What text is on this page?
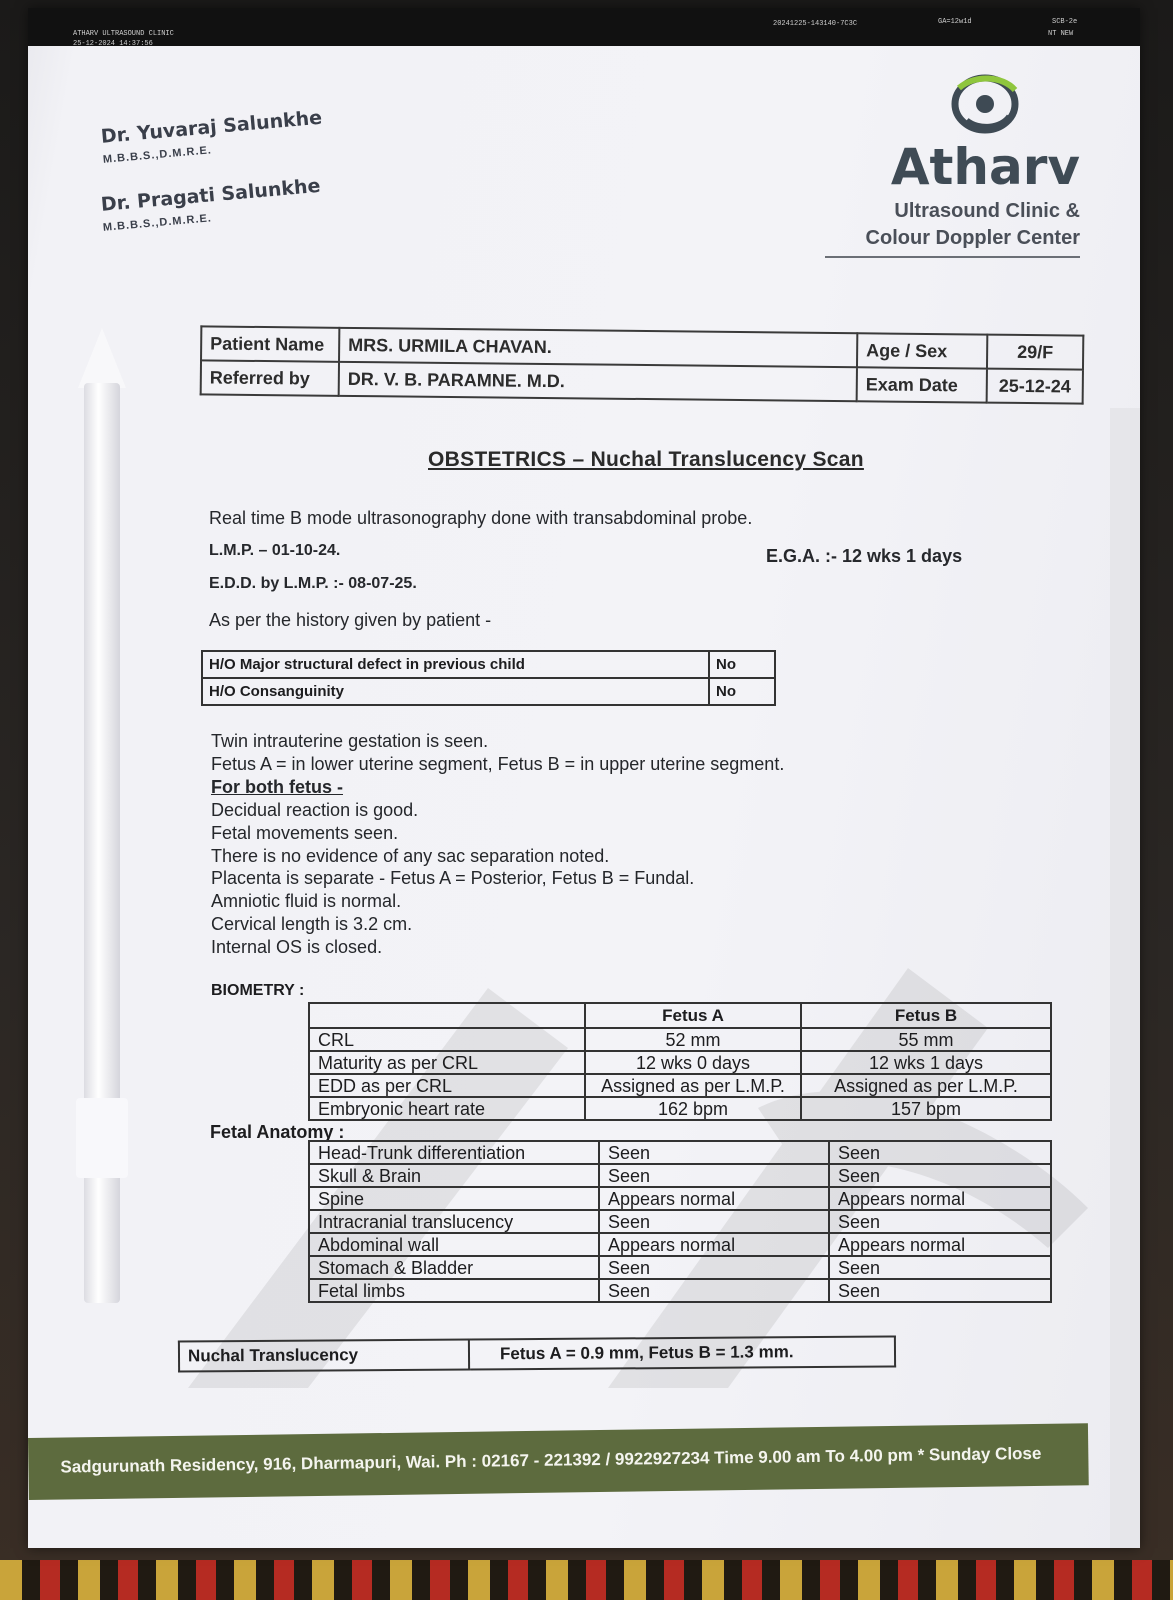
ATHARV ULTRASOUND CLINIC
25-12-2024 14:37:56
20241225-143140-7C3C	GA=12w1d	SCB-2e
NT NEW
Dr. Yuvaraj Salunkhe
M.B.B.S.,D.M.R.E.
Dr. Pragati Salunkhe
M.B.B.S.,D.M.R.E.
Atharv
Ultrasound Clinic &
Colour Doppler Center
Patient Name	MRS. URMILA CHAVAN.	Age / Sex	29/F
Referred by	DR. V. B. PARAMNE. M.D.	Exam Date	25-12-24
OBSTETRICS – Nuchal Translucency Scan
Real time B mode ultrasonography done with transabdominal probe.
L.M.P. – 01-10-24.	E.G.A. :- 12 wks 1 days
E.D.D. by L.M.P. :- 08-07-25.
As per the history given by patient -
H/O Major structural defect in previous child	No
H/O Consanguinity	No
Twin intrauterine gestation is seen.
Fetus A = in lower uterine segment, Fetus B = in upper uterine segment.
For both fetus -
Decidual reaction is good.
Fetal movements seen.
There is no evidence of any sac separation noted.
Placenta is separate - Fetus A = Posterior, Fetus B = Fundal.
Amniotic fluid is normal.
Cervical length is 3.2 cm.
Internal OS is closed.
BIOMETRY :
	Fetus A	Fetus B
CRL	52 mm	55 mm
Maturity as per CRL	12 wks 0 days	12 wks 1 days
EDD as per CRL	Assigned as per L.M.P.	Assigned as per L.M.P.
Embryonic heart rate	162 bpm	157 bpm
Fetal Anatomy :
Head-Trunk differentiation	Seen	Seen
Skull & Brain	Seen	Seen
Spine	Appears normal	Appears normal
Intracranial translucency	Seen	Seen
Abdominal wall	Appears normal	Appears normal
Stomach & Bladder	Seen	Seen
Fetal limbs	Seen	Seen
Nuchal Translucency	Fetus A = 0.9 mm, Fetus B = 1.3 mm.
Sadgurunath Residency, 916, Dharmapuri, Wai. Ph : 02167 - 221392 / 9922927234 Time 9.00 am To 4.00 pm * Sunday Close
